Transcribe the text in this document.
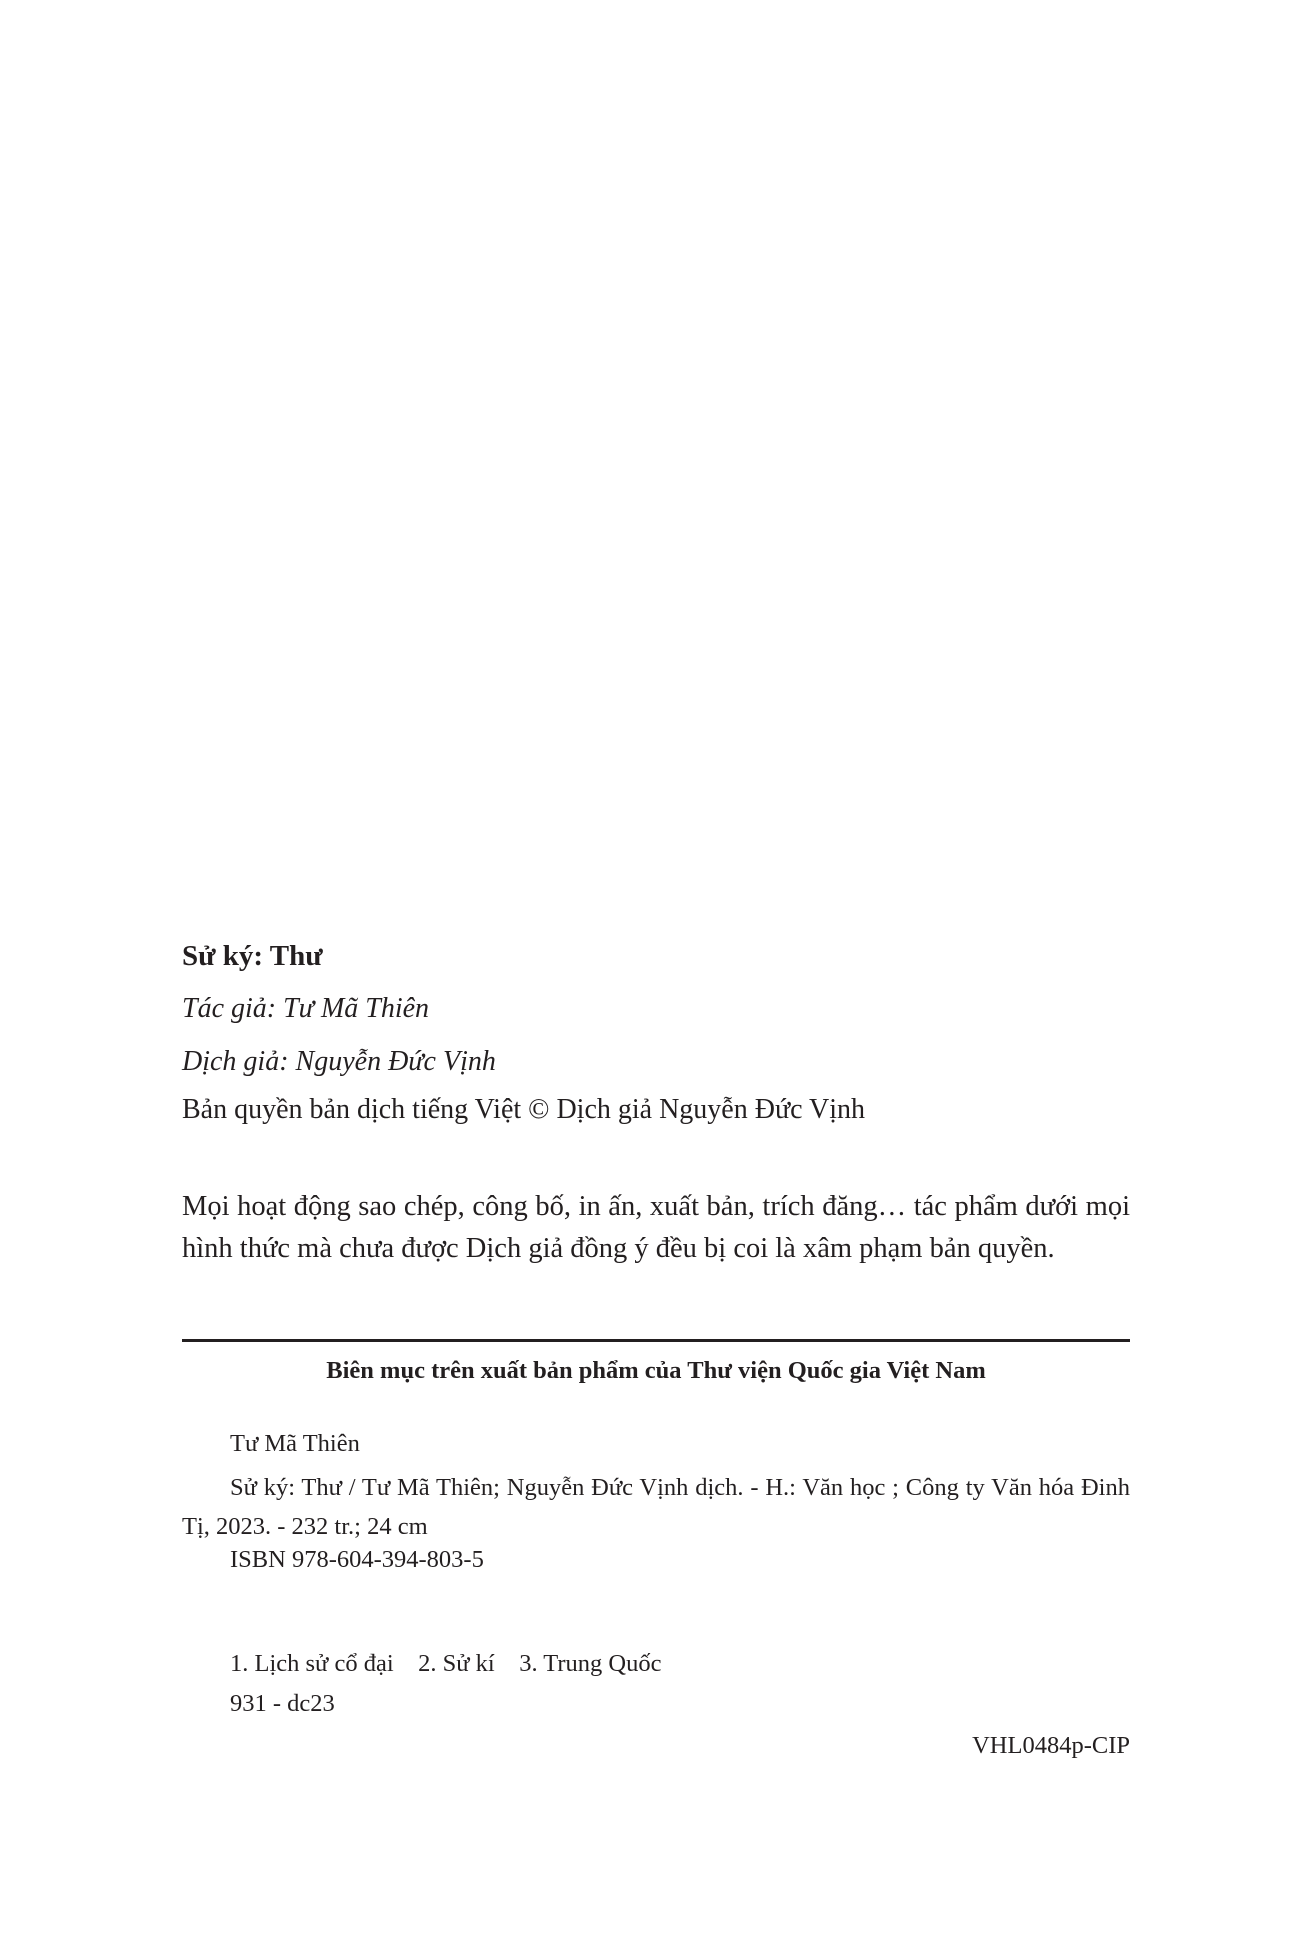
Sử ký: Thư
Tác giả: Tư Mã Thiên
Dịch giả: Nguyễn Đức Vịnh
Bản quyền bản dịch tiếng Việt © Dịch giả Nguyễn Đức Vịnh
Mọi hoạt động sao chép, công bố, in ấn, xuất bản, trích đăng… tác phẩm dưới mọi hình thức mà chưa được Dịch giả đồng ý đều bị coi là xâm phạm bản quyền.
Biên mục trên xuất bản phẩm của Thư viện Quốc gia Việt Nam
Tư Mã Thiên
Sử ký: Thư / Tư Mã Thiên; Nguyễn Đức Vịnh dịch. - H.: Văn học ; Công ty Văn hóa Đinh Tị, 2023. - 232 tr.; 24 cm
ISBN 978-604-394-803-5
1. Lịch sử cổ đại 2. Sử kí 3. Trung Quốc
931 - dc23
VHL0484p-CIP
